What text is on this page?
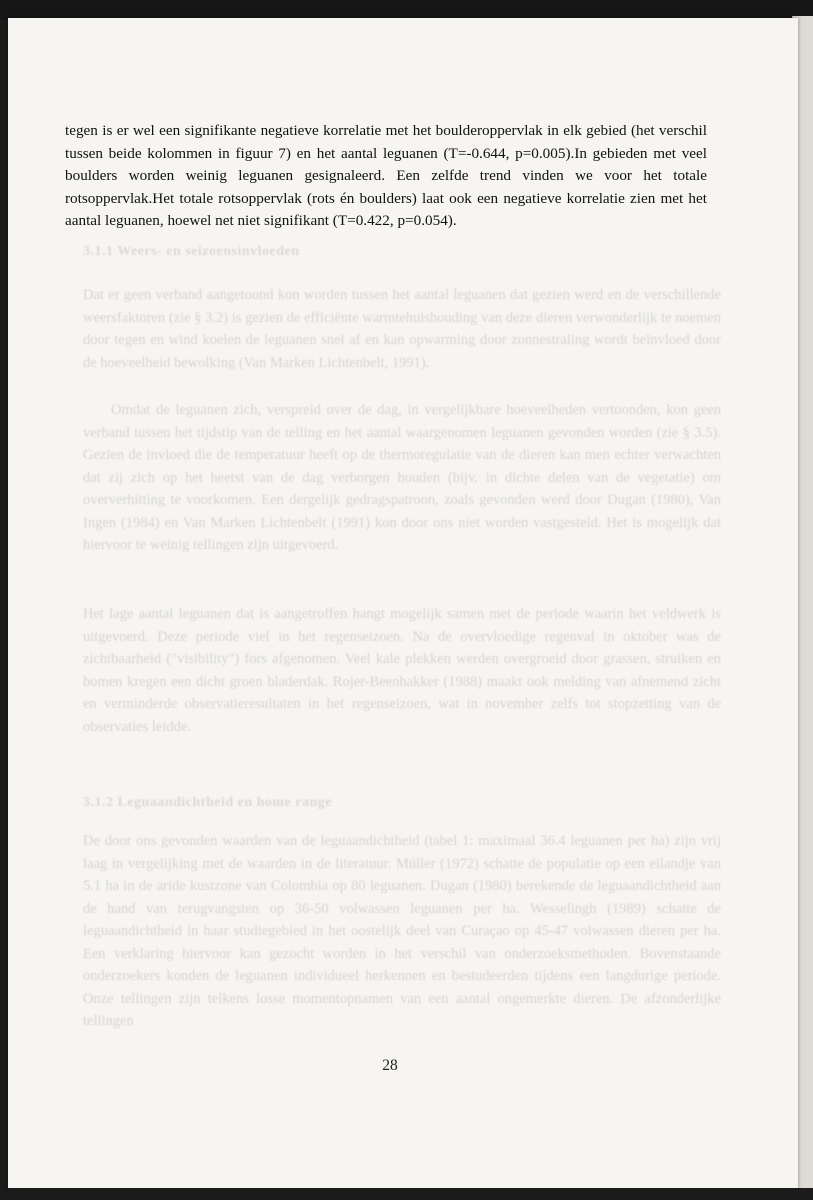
3.1.1 Weers- en seizoensinvloeden

Dat er geen verband aangetoond kon worden tussen het aantal leguanen dat gezien werd en de verschillende weersfaktoren (zie § 3.2) is gezien de efficiënte warmtehuishouding van deze dieren verwonderlijk te noemen door tegen en wind koelen de leguanen snel af en kan opwarming door zonnestraling wordt beïnvloed door de hoeveelheid bewolking (Van Marken Lichtenbelt, 1991).

Omdat de leguanen zich, verspreid over de dag, in vergelijkbare hoeveelheden vertoonden, kon geen verband tussen het tijdstip van de telling en het aantal waargenomen leguanen gevonden worden (zie § 3.5). Gezien de invloed die de temperatuur heeft op de thermoregulatie van de dieren kan men echter verwachten dat zij zich op het heetst van de dag verborgen houden (bijv. in dichte delen van de vegetatie) om oververhitting te voorkomen. Een dergelijk gedragspatroon, zoals gevonden werd door Dugan (1980), Van Ingen (1984) en Van Marken Lichtenbelt (1991) kon door ons niet worden vastgesteld. Het is mogelijk dat hiervoor te weinig tellingen zijn uitgevoerd.

Het lage aantal leguanen dat is aangetroffen hangt mogelijk samen met de periode waarin het veldwerk is uitgevoerd. Deze periode viel in het regenseizoen. Na de overvloedige regenval in oktober was de zichtbaarheid ("visibility") fors afgenomen. Veel kale plekken werden overgroeid door grassen, struiken en bomen kregen een dicht groen bladerdak. Rojer-Beenhakker (1988) maakt ook melding van afnemend zicht en verminderde observatieresultaten in het regenseizoen, wat in november zelfs tot stopzetting van de observaties leidde.

3.1.2 Leguaandichtheid en home range

De door ons gevonden waarden van de leguaandichtheid (tabel 1: maximaal 36.4 leguanen per ha) zijn vrij laag in vergelijking met de waarden in de literatuur. Müller (1972) schatte de populatie op een eilandje van 5.1 ha in de aride kustzone van Colombia op 80 leguanen. Dugan (1980) berekende de leguaandichtheid aan de hand van terugvangsten op 36-50 volwassen leguanen per ha. Wesselingh (1989) schatte de leguaandichtheid in haar studiegebied in het oostelijk deel van Curaçao op 45-47 volwassen dieren per ha. Een verklaring hiervoor kan gezocht worden in het verschil van onderzoeksmethoden. Bovenstaande onderzoekers konden de leguanen individueel herkennen en bestudeerden tijdens een langdurige periode. Onze tellingen zijn telkens losse momentopnamen van een aantal ongemerkte dieren. De afzonderlijke tellingen

tegen is er wel een signifikante negatieve korrelatie met het boulderoppervlak in elk gebied (het verschil tussen beide kolommen in figuur 7) en het aantal leguanen (T=-0.644, p=0.005).In gebieden met veel boulders worden weinig leguanen gesignaleerd. Een zelfde trend vinden we voor het totale rotsoppervlak.Het totale rotsoppervlak (rots én boulders) laat ook een negatieve korrelatie zien met het aantal leguanen, hoewel net niet signifikant (T=0.422, p=0.054).

28
